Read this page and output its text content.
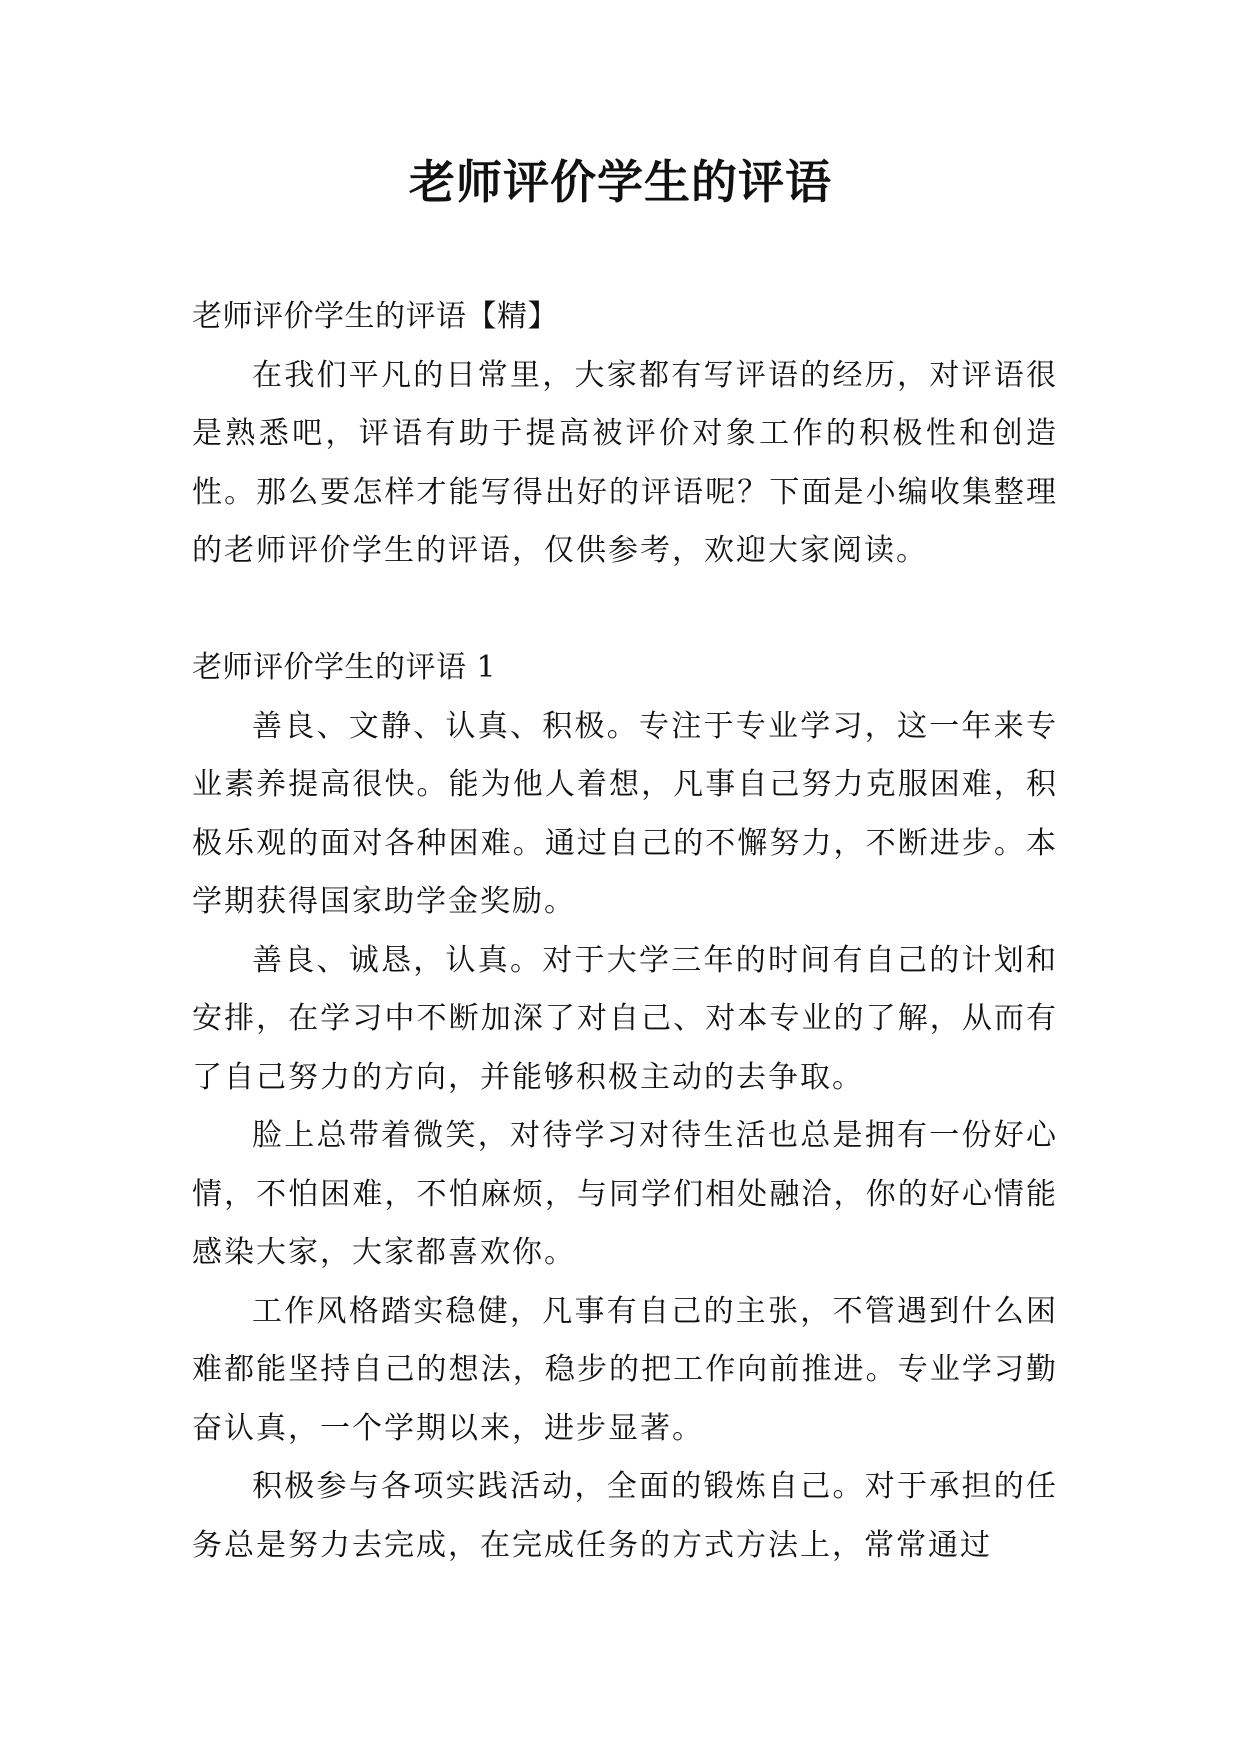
老师评价学生的评语

老师评价学生的评语【精】

在我们平凡的日常里，大家都有写评语的经历，对评语很是熟悉吧，评语有助于提高被评价对象工作的积极性和创造性。那么要怎样才能写得出好的评语呢？下面是小编收集整理的老师评价学生的评语，仅供参考，欢迎大家阅读。

老师评价学生的评语 1

善良、文静、认真、积极。专注于专业学习，这一年来专业素养提高很快。能为他人着想，凡事自己努力克服困难，积极乐观的面对各种困难。通过自己的不懈努力，不断进步。本学期获得国家助学金奖励。

善良、诚恳，认真。对于大学三年的时间有自己的计划和安排，在学习中不断加深了对自己、对本专业的了解，从而有了自己努力的方向，并能够积极主动的去争取。

脸上总带着微笑，对待学习对待生活也总是拥有一份好心情，不怕困难，不怕麻烦，与同学们相处融洽，你的好心情能感染大家，大家都喜欢你。

工作风格踏实稳健，凡事有自己的主张，不管遇到什么困难都能坚持自己的想法，稳步的把工作向前推进。专业学习勤奋认真，一个学期以来，进步显著。

积极参与各项实践活动，全面的锻炼自己。对于承担的任务总是努力去完成，在完成任务的方式方法上，常常通过
